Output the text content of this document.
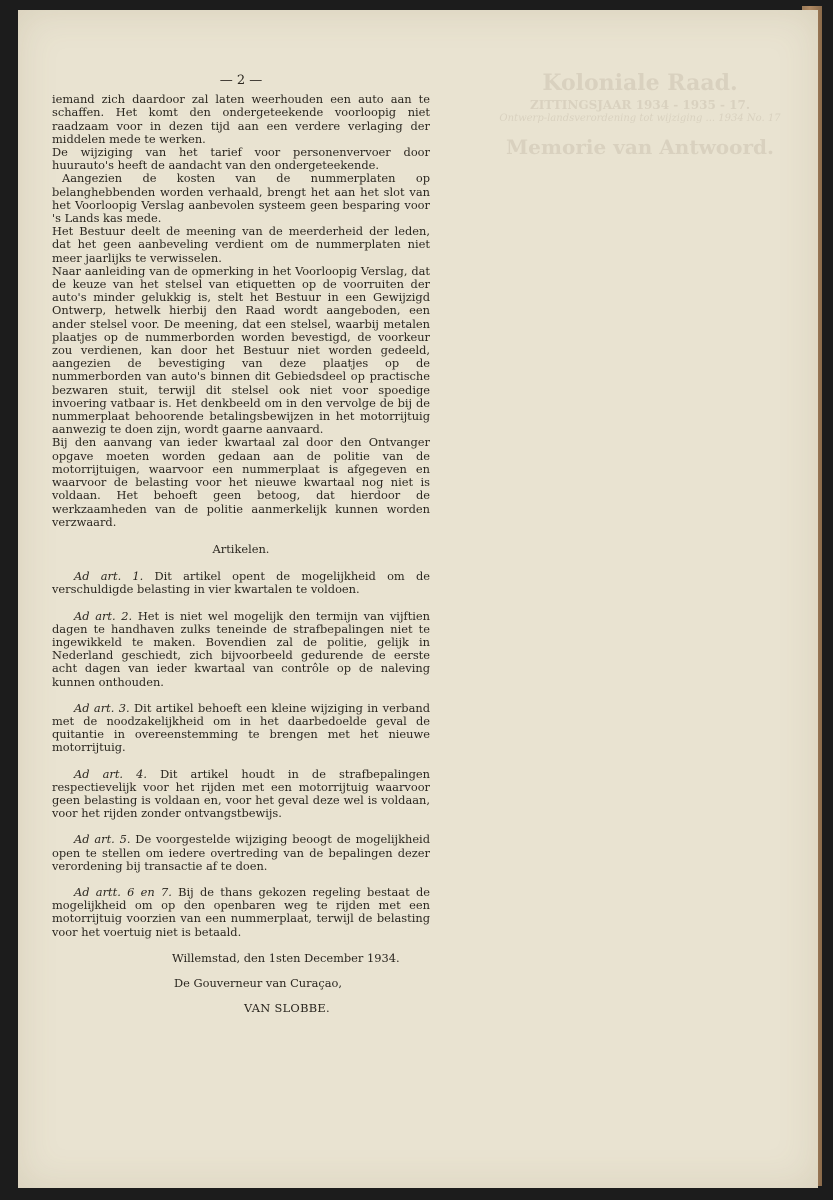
Koloniale Raad.
ZITTINGSJAAR 1934 - 1935 - 17.
Ontwerp-landsverordening tot wijziging ... 1934 No. 17
Memorie van Antwoord.
— 2 —

iemand zich daardoor zal laten weerhouden een auto aan te schaffen. Het komt den ondergeteekende voorloopig niet raadzaam voor in dezen tijd aan een verdere verlaging der middelen mede te werken.

De wijziging van het tarief voor personenvervoer door huurauto's heeft de aandacht van den ondergeteekende.

Aangezien de kosten van de nummerplaten op belanghebbenden worden verhaald, brengt het aan het slot van het Voorloopig Verslag aanbevolen systeem geen besparing voor 's Lands kas mede.

Het Bestuur deelt de meening van de meerderheid der leden, dat het geen aanbeveling verdient om de nummerplaten niet meer jaarlijks te verwisselen.

Naar aanleiding van de opmerking in het Voorloopig Verslag, dat de keuze van het stelsel van etiquetten op de voorruiten der auto's minder gelukkig is, stelt het Bestuur in een Gewijzigd Ontwerp, hetwelk hierbij den Raad wordt aangeboden, een ander stelsel voor. De meening, dat een stelsel, waarbij metalen plaatjes op de nummerborden worden bevestigd, de voorkeur zou verdienen, kan door het Bestuur niet worden gedeeld, aangezien de bevestiging van deze plaatjes op de nummerborden van auto's binnen dit Gebiedsdeel op practische bezwaren stuit, terwijl dit stelsel ook niet voor spoedige invoering vatbaar is. Het denkbeeld om in den vervolge de bij de nummerplaat behoorende betalingsbewijzen in het motorrijtuig aanwezig te doen zijn, wordt gaarne aanvaard.

Bij den aanvang van ieder kwartaal zal door den Ontvanger opgave moeten worden gedaan aan de politie van de motorrijtuigen, waarvoor een nummerplaat is afgegeven en waarvoor de belasting voor het nieuwe kwartaal nog niet is voldaan. Het behoeft geen betoog, dat hierdoor de werkzaamheden van de politie aanmerkelijk kunnen worden verzwaard.

Artikelen.

Ad art. 1. Dit artikel opent de mogelijkheid om de verschuldigde belasting in vier kwartalen te voldoen.

Ad art. 2. Het is niet wel mogelijk den termijn van vijftien dagen te handhaven zulks teneinde de strafbepalingen niet te ingewikkeld te maken. Bovendien zal de politie, gelijk in Nederland geschiedt, zich bijvoorbeeld gedurende de eerste acht dagen van ieder kwartaal van contrôle op de naleving kunnen onthouden.

Ad art. 3. Dit artikel behoeft een kleine wijziging in verband met de noodzakelijkheid om in het daarbedoelde geval de quitantie in overeenstemming te brengen met het nieuwe motorrijtuig.

Ad art. 4. Dit artikel houdt in de strafbepalingen respectievelijk voor het rijden met een motorrijtuig waarvoor geen belasting is voldaan en, voor het geval deze wel is voldaan, voor het rijden zonder ontvangstbewijs.

Ad art. 5. De voorgestelde wijziging beoogt de mogelijkheid open te stellen om iedere overtreding van de bepalingen dezer verordening bij transactie af te doen.

Ad artt. 6 en 7. Bij de thans gekozen regeling bestaat de mogelijkheid om op den openbaren weg te rijden met een motorrijtuig voorzien van een nummerplaat, terwijl de belasting voor het voertuig niet is betaald.

Willemstad, den 1sten December 1934.
De Gouverneur van Curaçao,
VAN SLOBBE.
